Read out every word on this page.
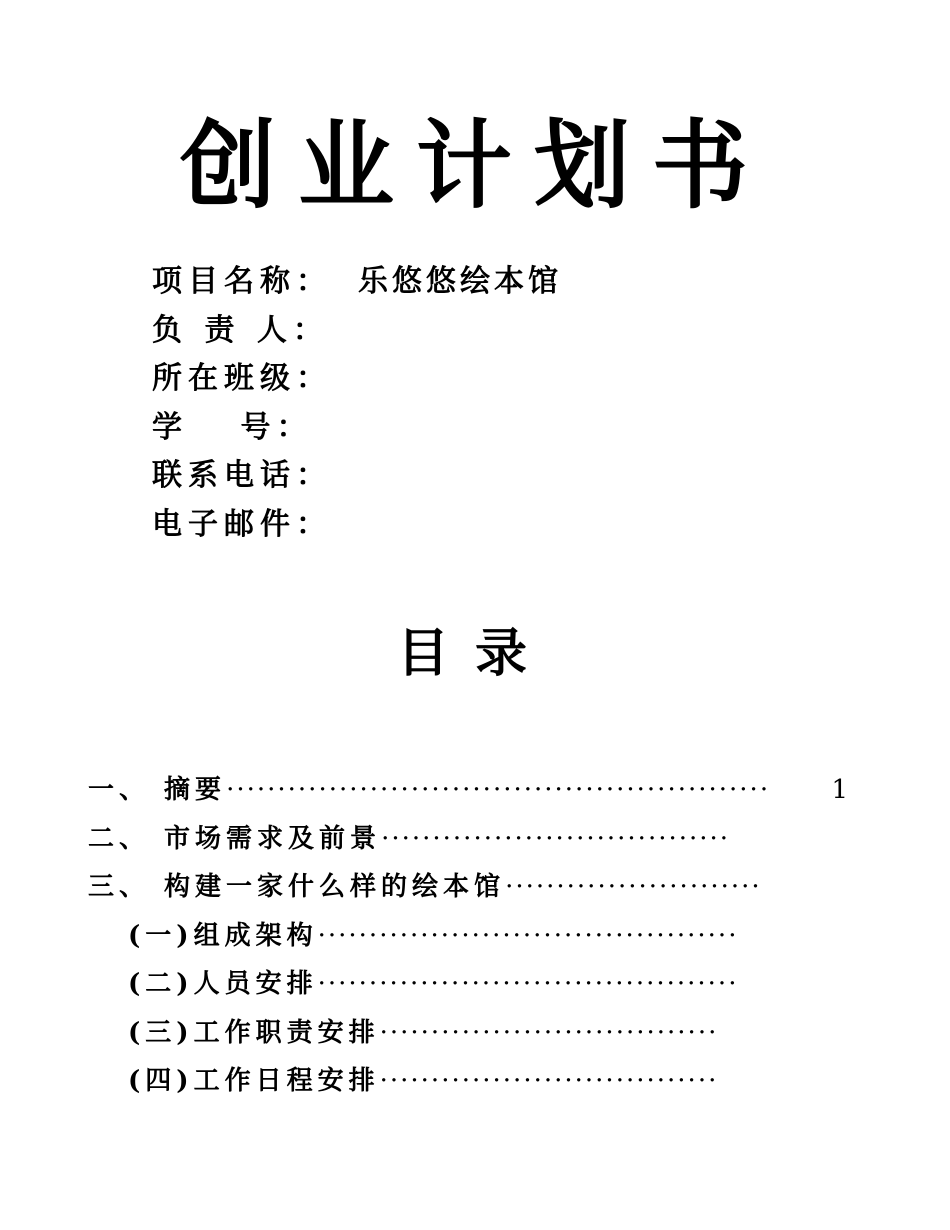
创业计划书
项目名称： 乐悠悠绘本馆
负 责 人：
所在班级：
学　 号：
联系电话：
电子邮件：
目录
一、 摘要····················································· 1
二、 市场需求及前景··································
三、 构建一家什么样的绘本馆·························
(一)组成架构·········································
(二)人员安排·········································
(三)工作职责安排·································
(四)工作日程安排·································
